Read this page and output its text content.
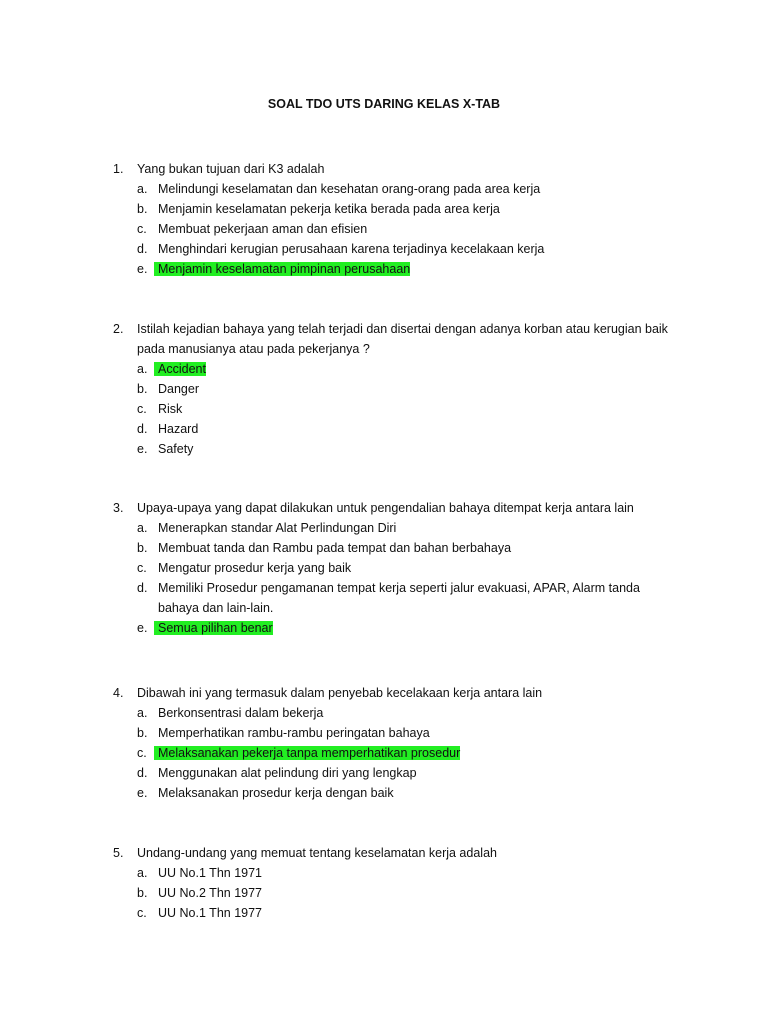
SOAL TDO UTS DARING KELAS X-TAB
1. Yang bukan tujuan dari K3 adalah
a. Melindungi keselamatan dan kesehatan orang-orang pada area kerja
b. Menjamin keselamatan pekerja ketika berada pada area kerja
c. Membuat pekerjaan aman dan efisien
d. Menghindari kerugian perusahaan karena terjadinya kecelakaan kerja
e. Menjamin keselamatan pimpinan perusahaan
2. Istilah kejadian bahaya yang telah terjadi dan disertai dengan adanya korban atau kerugian baik pada manusianya atau pada pekerjanya ?
a. Accident
b. Danger
c. Risk
d. Hazard
e. Safety
3. Upaya-upaya yang dapat dilakukan untuk pengendalian bahaya ditempat kerja antara lain
a. Menerapkan standar Alat Perlindungan Diri
b. Membuat tanda dan Rambu pada tempat dan bahan berbahaya
c. Mengatur prosedur kerja yang baik
d. Memiliki Prosedur pengamanan tempat kerja seperti jalur evakuasi, APAR, Alarm tanda bahaya dan lain-lain.
e. Semua pilihan benar
4. Dibawah ini yang termasuk dalam penyebab kecelakaan kerja antara lain
a. Berkonsentrasi dalam bekerja
b. Memperhatikan rambu-rambu peringatan bahaya
c. Melaksanakan pekerja tanpa memperhatikan prosedur
d. Menggunakan alat pelindung diri yang lengkap
e. Melaksanakan prosedur kerja dengan baik
5. Undang-undang yang memuat tentang keselamatan kerja adalah
a. UU No.1 Thn 1971
b. UU No.2 Thn 1977
c. UU No.1 Thn 1977
